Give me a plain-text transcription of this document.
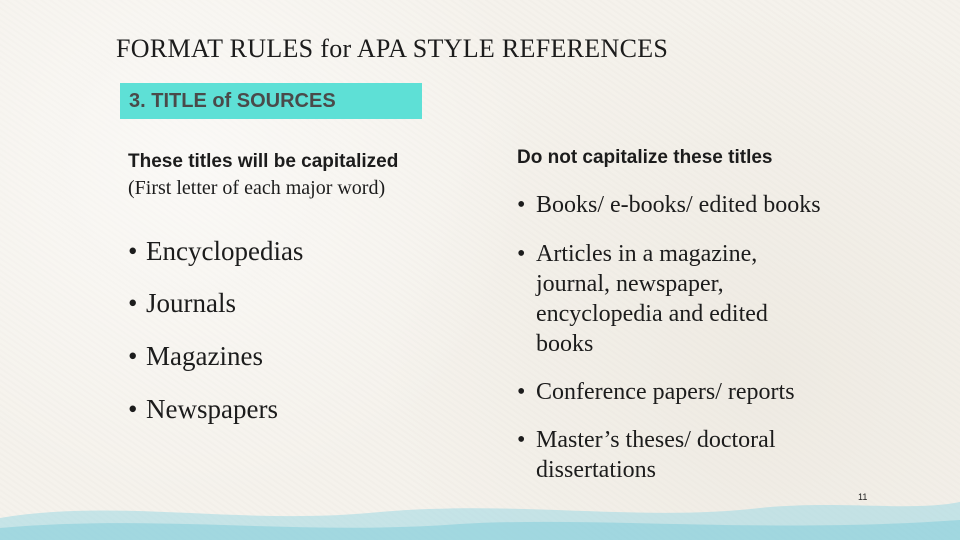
FORMAT RULES for APA STYLE REFERENCES
3. TITLE of SOURCES
These titles will be capitalized
(First letter of each major word)
Do not capitalize these titles
• Encyclopedias
• Journals
• Magazines
• Newspapers
• Books/ e-books/ edited books
• Articles in a magazine,
journal, newspaper,
encyclopedia and edited
books
• Conference papers/ reports
• Master’s theses/ doctoral
dissertations
11
